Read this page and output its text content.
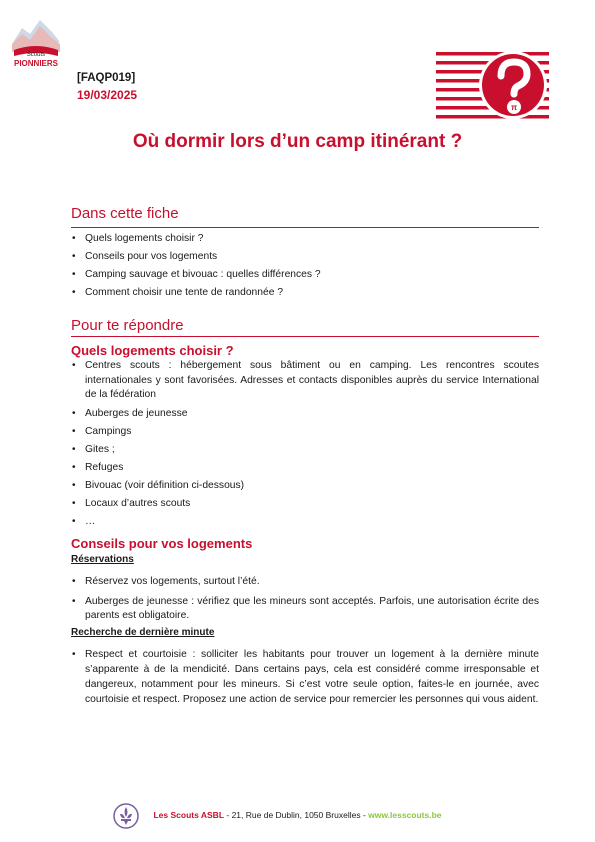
Scouts
PIONNIERS
[FAQP019]
19/03/2025
π
Où dormir lors d’un camp itinérant ?
Dans cette fiche
• Quels logements choisir ?
• Conseils pour vos logements
• Camping sauvage et bivouac : quelles différences ?
• Comment choisir une tente de randonnée ?
Pour te répondre
Quels logements choisir ?
• Centres scouts : hébergement sous bâtiment ou en camping. Les rencontres scoutes internationales y sont favorisées. Adresses et contacts disponibles auprès du service International de la fédération
• Auberges de jeunesse
• Campings
• Gites ;
• Refuges
• Bivouac (voir définition ci-dessous)
• Locaux d’autres scouts
• …
Conseils pour vos logements
Réservations
• Réservez vos logements, surtout l’été.
• Auberges de jeunesse : vérifiez que les mineurs sont acceptés. Parfois, une autorisation écrite des parents est obligatoire.
Recherche de dernière minute
• Respect et courtoisie : solliciter les habitants pour trouver un logement à la dernière minute s’apparente à de la mendicité. Dans certains pays, cela est considéré comme irresponsable et dangereux, notamment pour les mineurs. Si c’est votre seule option, faites-le en journée, avec courtoisie et respect. Proposez une action de service pour remercier les personnes qui vous aident.
Les Scouts ASBL - 21, Rue de Dublin, 1050 Bruxelles - www.lesscouts.be
